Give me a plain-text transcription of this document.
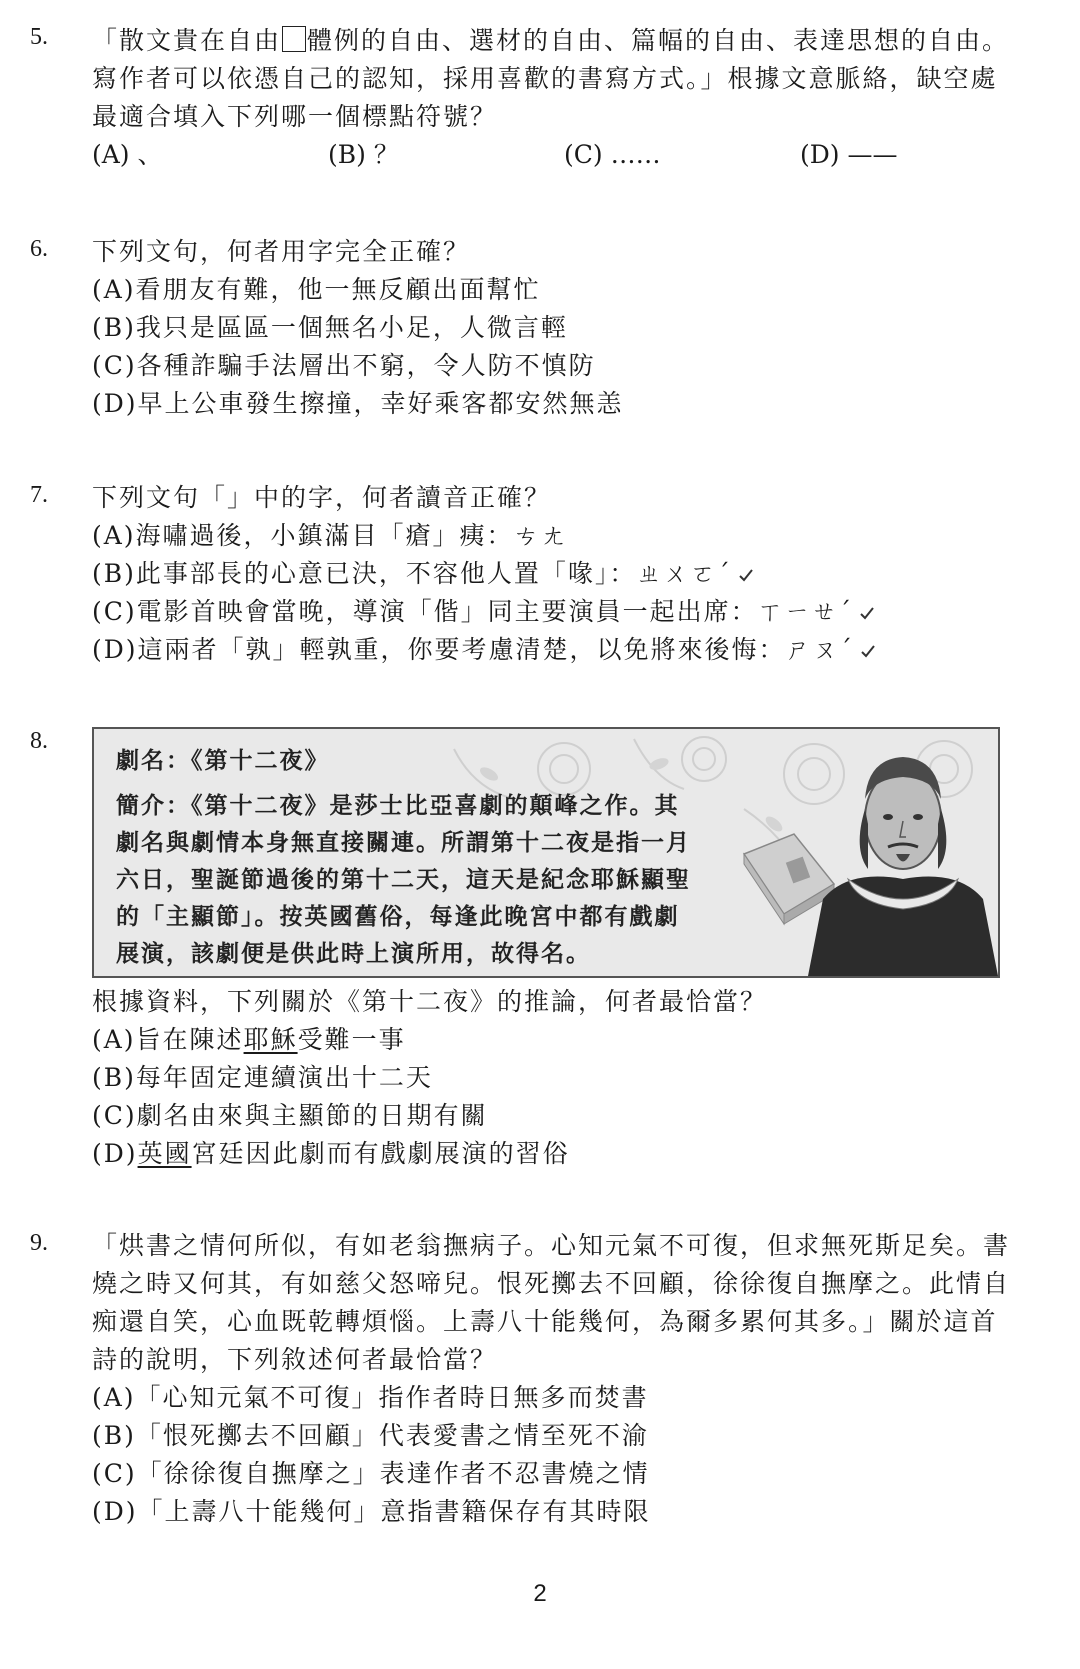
5. 「散文貴在自由 體例的自由、選材的自由、篇幅的自由、表達思想的自由。
寫作者可以依憑自己的認知，採用喜歡的書寫方式。」根據文意脈絡，缺空處
最適合填入下列哪一個標點符號？
(A) 、	(B) ？	(C) ……	(D) ——
6. 下列文句，何者用字完全正確？
(A)看朋友有難，他一無反顧出面幫忙
(B)我只是區區一個無名小足，人微言輕
(C)各種詐騙手法層出不窮，令人防不慎防
(D)早上公車發生擦撞，幸好乘客都安然無恙
7. 下列文句「」中的字，何者讀音正確？
(A)海嘯過後，小鎮滿目「瘡」痍：ㄘㄤ
(B)此事部長的心意已決，不容他人置「喙」：ㄓㄨㄛˊ
(C)電影首映會當晚，導演「偕」同主要演員一起出席：ㄒㄧㄝˊ
(D)這兩者「孰」輕孰重，你要考慮清楚，以免將來後悔：ㄕㄡˊ
8.
劇名：《第十二夜》
簡介：《第十二夜》是莎士比亞喜劇的顛峰之作。其
劇名與劇情本身無直接關連。所謂第十二夜是指一月
六日，聖誕節過後的第十二天，這天是紀念耶穌顯聖
的「主顯節」。按英國舊俗，每逢此晚宮中都有戲劇
展演，該劇便是供此時上演所用，故得名。
根據資料，下列關於《第十二夜》的推論，何者最恰當？
(A)旨在陳述耶穌受難一事
(B)每年固定連續演出十二天
(C)劇名由來與主顯節的日期有關
(D)英國宮廷因此劇而有戲劇展演的習俗
9. 「烘書之情何所似，有如老翁撫病子。心知元氣不可復，但求無死斯足矣。書
燒之時又何其，有如慈父怒啼兒。恨死擲去不回顧，徐徐復自撫摩之。此情自
痴還自笑，心血既乾轉煩惱。上壽八十能幾何，為爾多累何其多。」關於這首
詩的說明，下列敘述何者最恰當？
(A)「心知元氣不可復」指作者時日無多而焚書
(B)「恨死擲去不回顧」代表愛書之情至死不渝
(C)「徐徐復自撫摩之」表達作者不忍書燒之情
(D)「上壽八十能幾何」意指書籍保存有其時限
2
